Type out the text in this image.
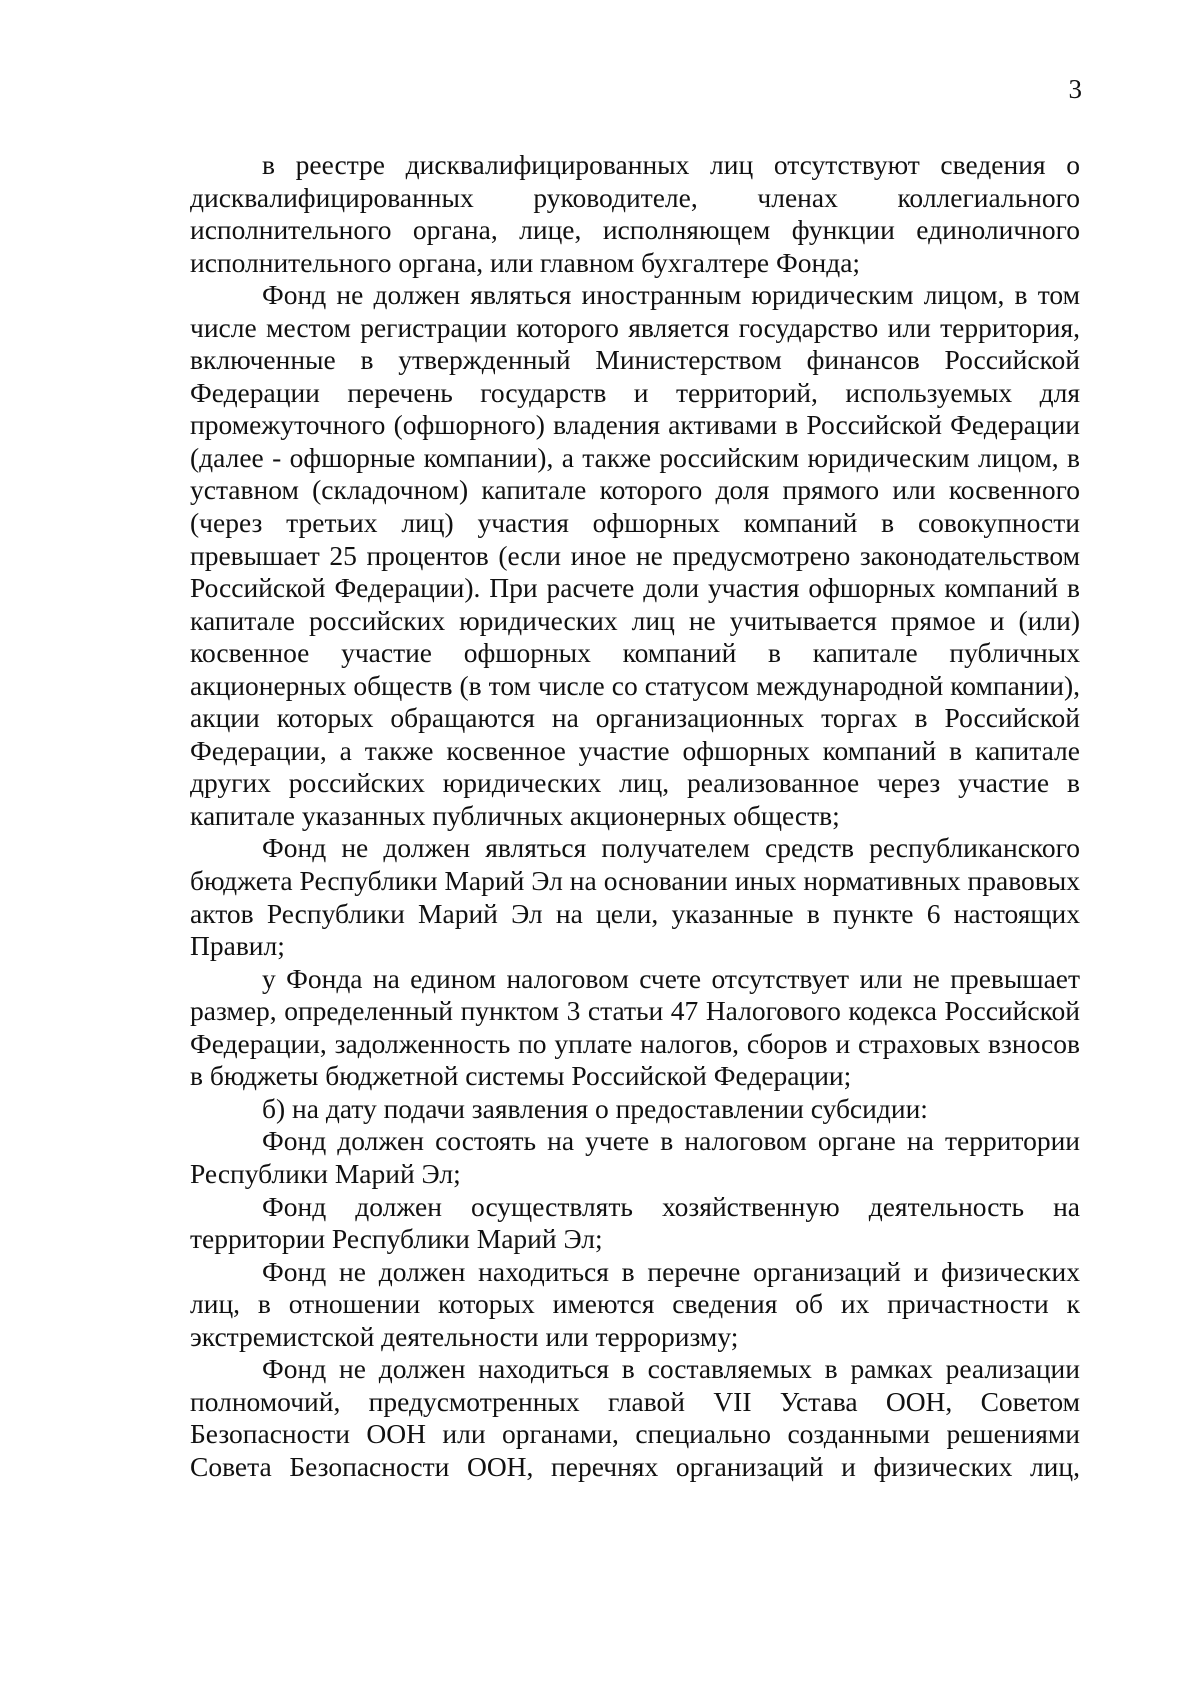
3

в реестре дисквалифицированных лиц отсутствуют сведения о дисквалифицированных руководителе, членах коллегиального исполнительного органа, лице, исполняющем функции единоличного исполнительного органа, или главном бухгалтере Фонда;

Фонд не должен являться иностранным юридическим лицом, в том числе местом регистрации которого является государство или территория, включенные в утвержденный Министерством финансов Российской Федерации перечень государств и территорий, используемых для промежуточного (офшорного) владения активами в Российской Федерации (далее - офшорные компании), а также российским юридическим лицом, в уставном (складочном) капитале которого доля прямого или косвенного (через третьих лиц) участия офшорных компаний в совокупности превышает 25 процентов (если иное не предусмотрено законодательством Российской Федерации). При расчете доли участия офшорных компаний в капитале российских юридических лиц не учитывается прямое и (или) косвенное участие офшорных компаний в капитале публичных акционерных обществ (в том числе со статусом международной компании), акции которых обращаются на организационных торгах в Российской Федерации, а также косвенное участие офшорных компаний в капитале других российских юридических лиц, реализованное через участие в капитале указанных публичных акционерных обществ;

Фонд не должен являться получателем средств республиканского бюджета Республики Марий Эл на основании иных нормативных правовых актов Республики Марий Эл на цели, указанные в пункте 6 настоящих Правил;

у Фонда на едином налоговом счете отсутствует или не превышает размер, определенный пунктом 3 статьи 47 Налогового кодекса Российской Федерации, задолженность по уплате налогов, сборов и страховых взносов в бюджеты бюджетной системы Российской Федерации;

б) на дату подачи заявления о предоставлении субсидии:

Фонд должен состоять на учете в налоговом органе на территории Республики Марий Эл;

Фонд должен осуществлять хозяйственную деятельность на территории Республики Марий Эл;

Фонд не должен находиться в перечне организаций и физических лиц, в отношении которых имеются сведения об их причастности к экстремистской деятельности или терроризму;

Фонд не должен находиться в составляемых в рамках реализации полномочий, предусмотренных главой VII Устава ООН, Советом Безопасности ООН или органами, специально созданными решениями Совета Безопасности ООН, перечнях организаций и физических лиц,
